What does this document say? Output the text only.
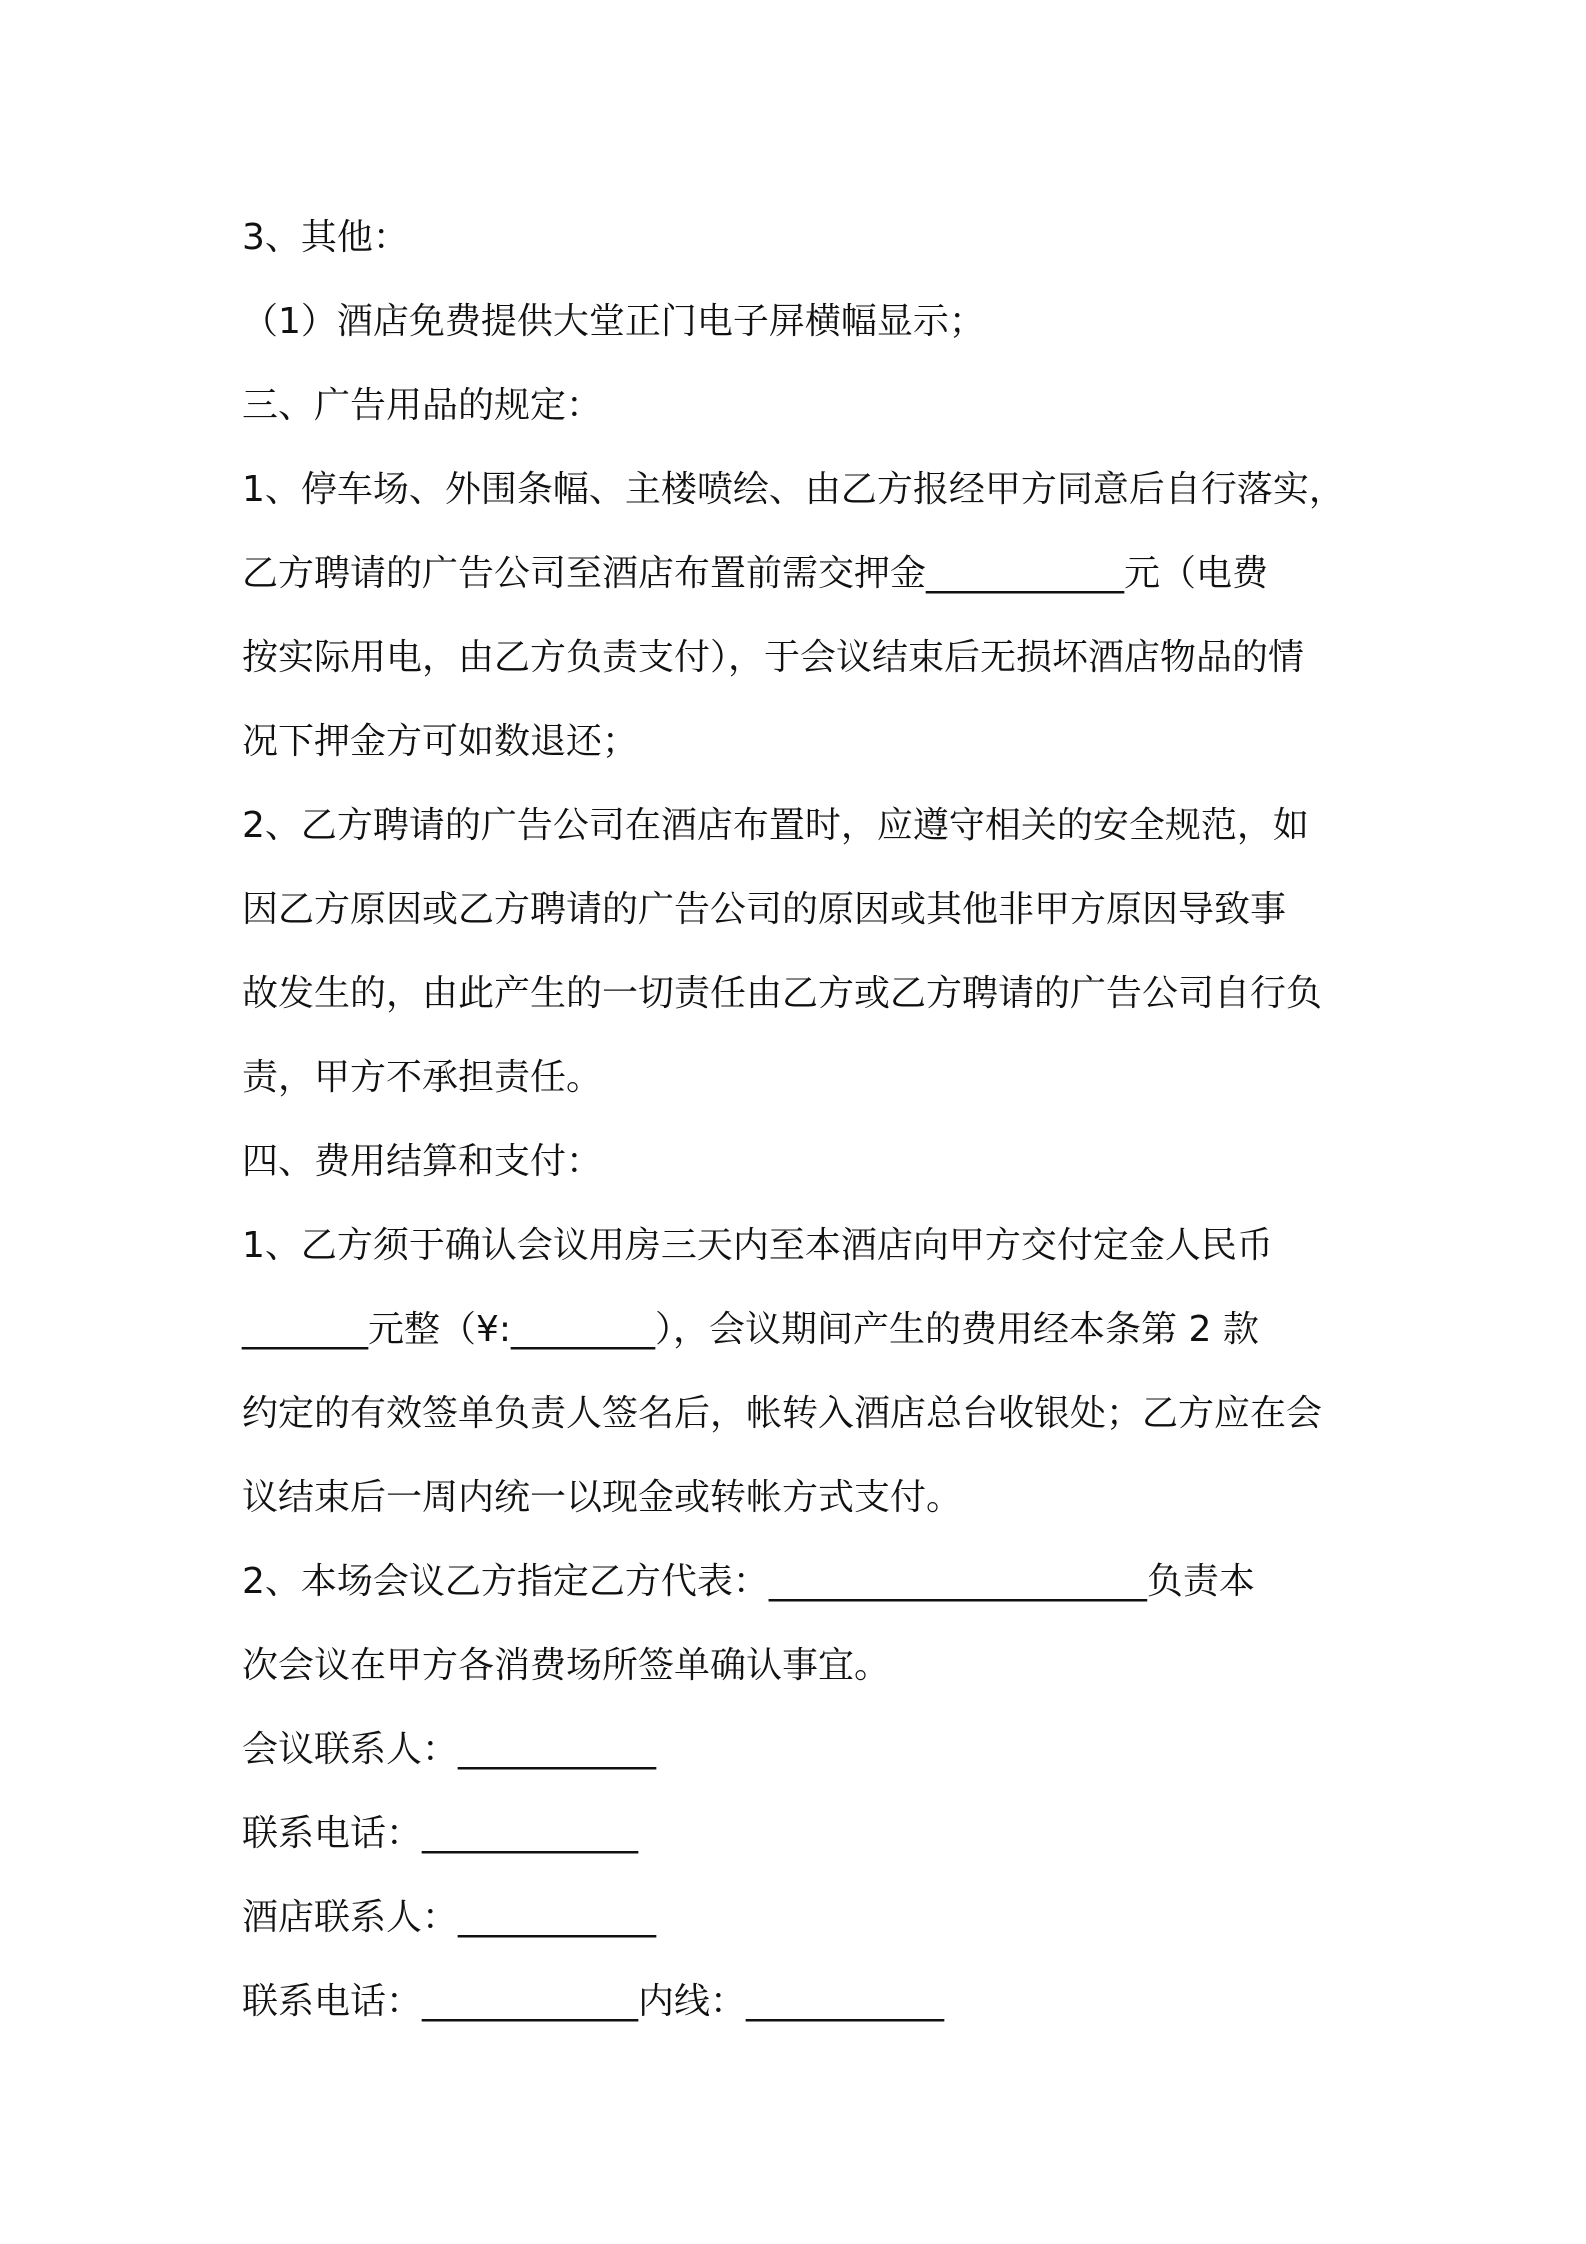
3、其他：

（1）酒店免费提供大堂正门电子屏横幅显示；

三、广告用品的规定：

1、停车场、外围条幅、主楼喷绘、由乙方报经甲方同意后自行落实，

乙方聘请的广告公司至酒店布置前需交押金___________元（电费

按实际用电，由乙方负责支付），于会议结束后无损坏酒店物品的情

况下押金方可如数退还；

2、乙方聘请的广告公司在酒店布置时，应遵守相关的安全规范，如

因乙方原因或乙方聘请的广告公司的原因或其他非甲方原因导致事

故发生的，由此产生的一切责任由乙方或乙方聘请的广告公司自行负

责，甲方不承担责任。

四、费用结算和支付：

1、乙方须于确认会议用房三天内至本酒店向甲方交付定金人民币

_______元整（¥:________），会议期间产生的费用经本条第 2 款

约定的有效签单负责人签名后，帐转入酒店总台收银处；乙方应在会

议结束后一周内统一以现金或转帐方式支付。

2、本场会议乙方指定乙方代表：_____________________负责本

次会议在甲方各消费场所签单确认事宜。

会议联系人：___________

联系电话：____________

酒店联系人：___________

联系电话：____________内线：___________
